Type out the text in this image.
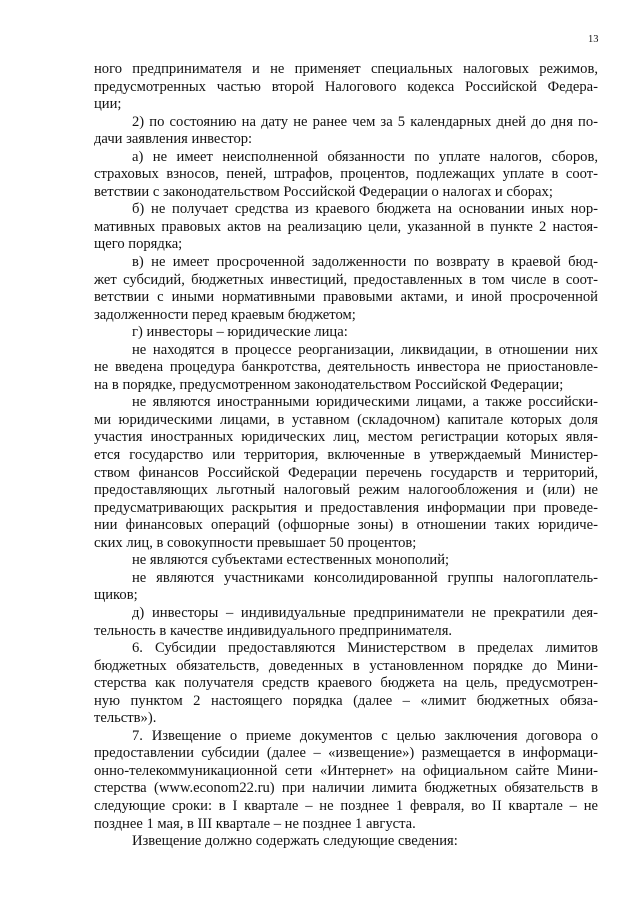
13
ного предпринимателя и не применяет специальных налоговых режимов,
предусмотренных частью второй Налогового кодекса Российской Федера-
ции;
2) по состоянию на дату не ранее чем за 5 календарных дней до дня по-
дачи заявления инвестор:
а) не имеет неисполненной обязанности по уплате налогов, сборов,
страховых взносов, пеней, штрафов, процентов, подлежащих уплате в соот-
ветствии с законодательством Российской Федерации о налогах и сборах;
б) не получает средства из краевого бюджета на основании иных нор-
мативных правовых актов на реализацию цели, указанной в пункте 2 настоя-
щего порядка;
в) не имеет просроченной задолженности по возврату в краевой бюд-
жет субсидий, бюджетных инвестиций, предоставленных в том числе в соот-
ветствии с иными нормативными правовыми актами, и иной просроченной
задолженности перед краевым бюджетом;
г) инвесторы – юридические лица:
не находятся в процессе реорганизации, ликвидации, в отношении них
не введена процедура банкротства, деятельность инвестора не приостановле-
на в порядке, предусмотренном законодательством Российской Федерации;
не являются иностранными юридическими лицами, а также российски-
ми юридическими лицами, в уставном (складочном) капитале которых доля
участия иностранных юридических лиц, местом регистрации которых явля-
ется государство или территория, включенные в утверждаемый Министер-
ством финансов Российской Федерации перечень государств и территорий,
предоставляющих льготный налоговый режим налогообложения и (или) не
предусматривающих раскрытия и предоставления информации при проведе-
нии финансовых операций (офшорные зоны) в отношении таких юридиче-
ских лиц, в совокупности превышает 50 процентов;
не являются субъектами естественных монополий;
не являются участниками консолидированной группы налогоплатель-
щиков;
д) инвесторы – индивидуальные предприниматели не прекратили дея-
тельность в качестве индивидуального предпринимателя.
6. Субсидии предоставляются Министерством в пределах лимитов
бюджетных обязательств, доведенных в установленном порядке до Мини-
стерства как получателя средств краевого бюджета на цель, предусмотрен-
ную пунктом 2 настоящего порядка (далее – «лимит бюджетных обяза-
тельств»).
7. Извещение о приеме документов с целью заключения договора о
предоставлении субсидии (далее – «извещение») размещается в информаци-
онно-телекоммуникационной сети «Интернет» на официальном сайте Мини-
стерства (www.econom22.ru) при наличии лимита бюджетных обязательств в
следующие сроки: в I квартале – не позднее 1 февраля, во II квартале – не
позднее 1 мая, в III квартале – не позднее 1 августа.
Извещение должно содержать следующие сведения:
